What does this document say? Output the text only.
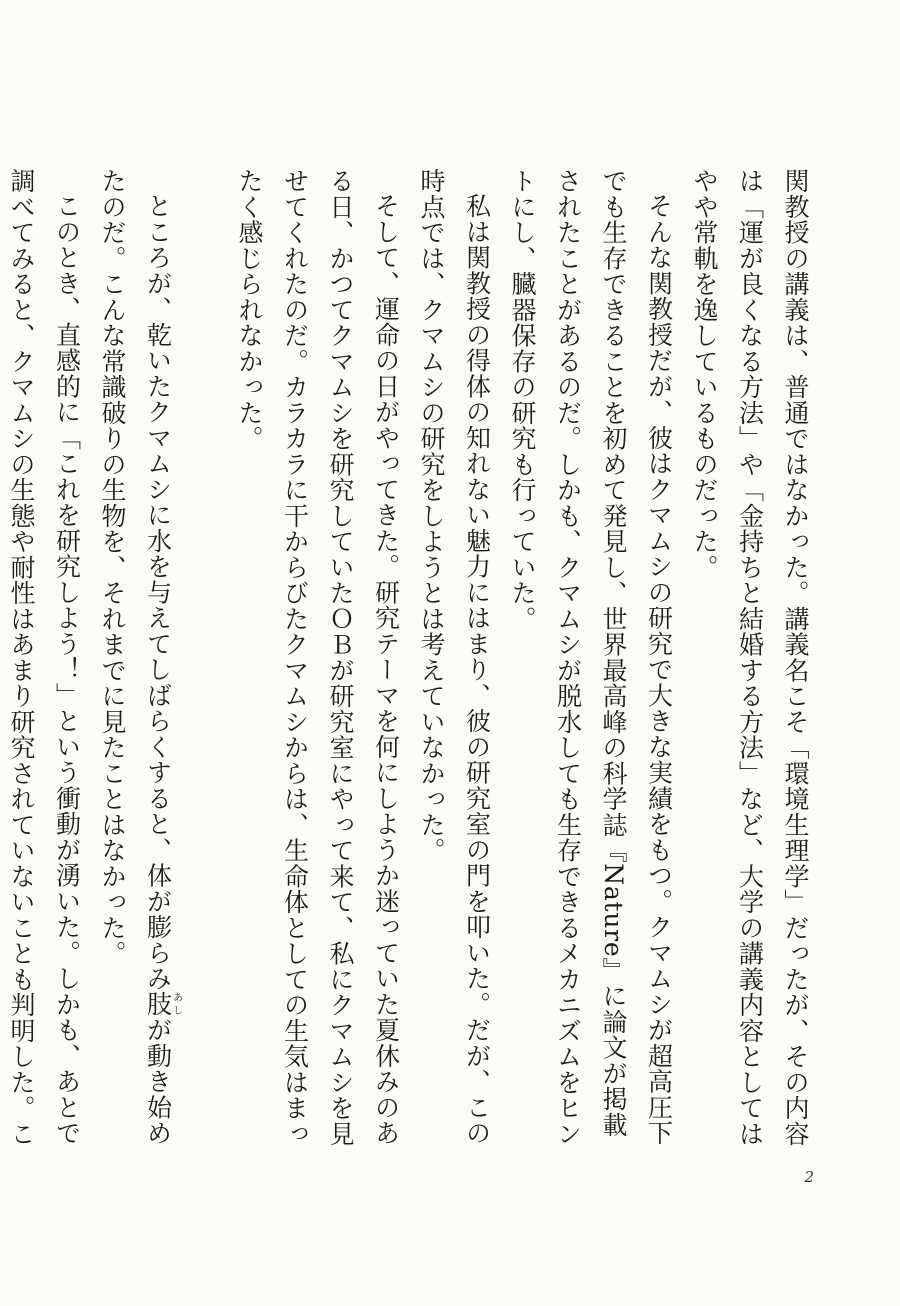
関教授の講義は、普通ではなかった。講義名こそ「環境生理学」だったが、その内容は「運が良くなる方法」や「金持ちと結婚する方法」など、大学の講義内容としてはやや常軌を逸しているものだった。

そんな関教授だが、彼はクマムシの研究で大きな実績をもつ。クマムシが超高圧下でも生存できることを初めて発見し、世界最高峰の科学誌『Nature』に論文が掲載されたことがあるのだ。しかも、クマムシが脱水しても生存できるメカニズムをヒントにし、臓器保存の研究も行っていた。

私は関教授の得体の知れない魅力にはまり、彼の研究室の門を叩いた。だが、この時点では、クマムシの研究をしようとは考えていなかった。

そして、運命の日がやってきた。研究テーマを何にしようか迷っていた夏休みのある日、かつてクマムシを研究していたＯＢが研究室にやって来て、私にクマムシを見せてくれたのだ。カラカラに干からびたクマムシからは、生命体としての生気はまったく感じられなかった。

ところが、乾いたクマムシに水を与えてしばらくすると、体が膨らみ肢あしが動き始めたのだ。こんな常識破りの生物を、それまでに見たことはなかった。

このとき、直感的に「これを研究しよう！」という衝動が湧いた。しかも、あとで調べてみると、クマムシの生態や耐性はあまり研究されていないことも判明した。こ

2
